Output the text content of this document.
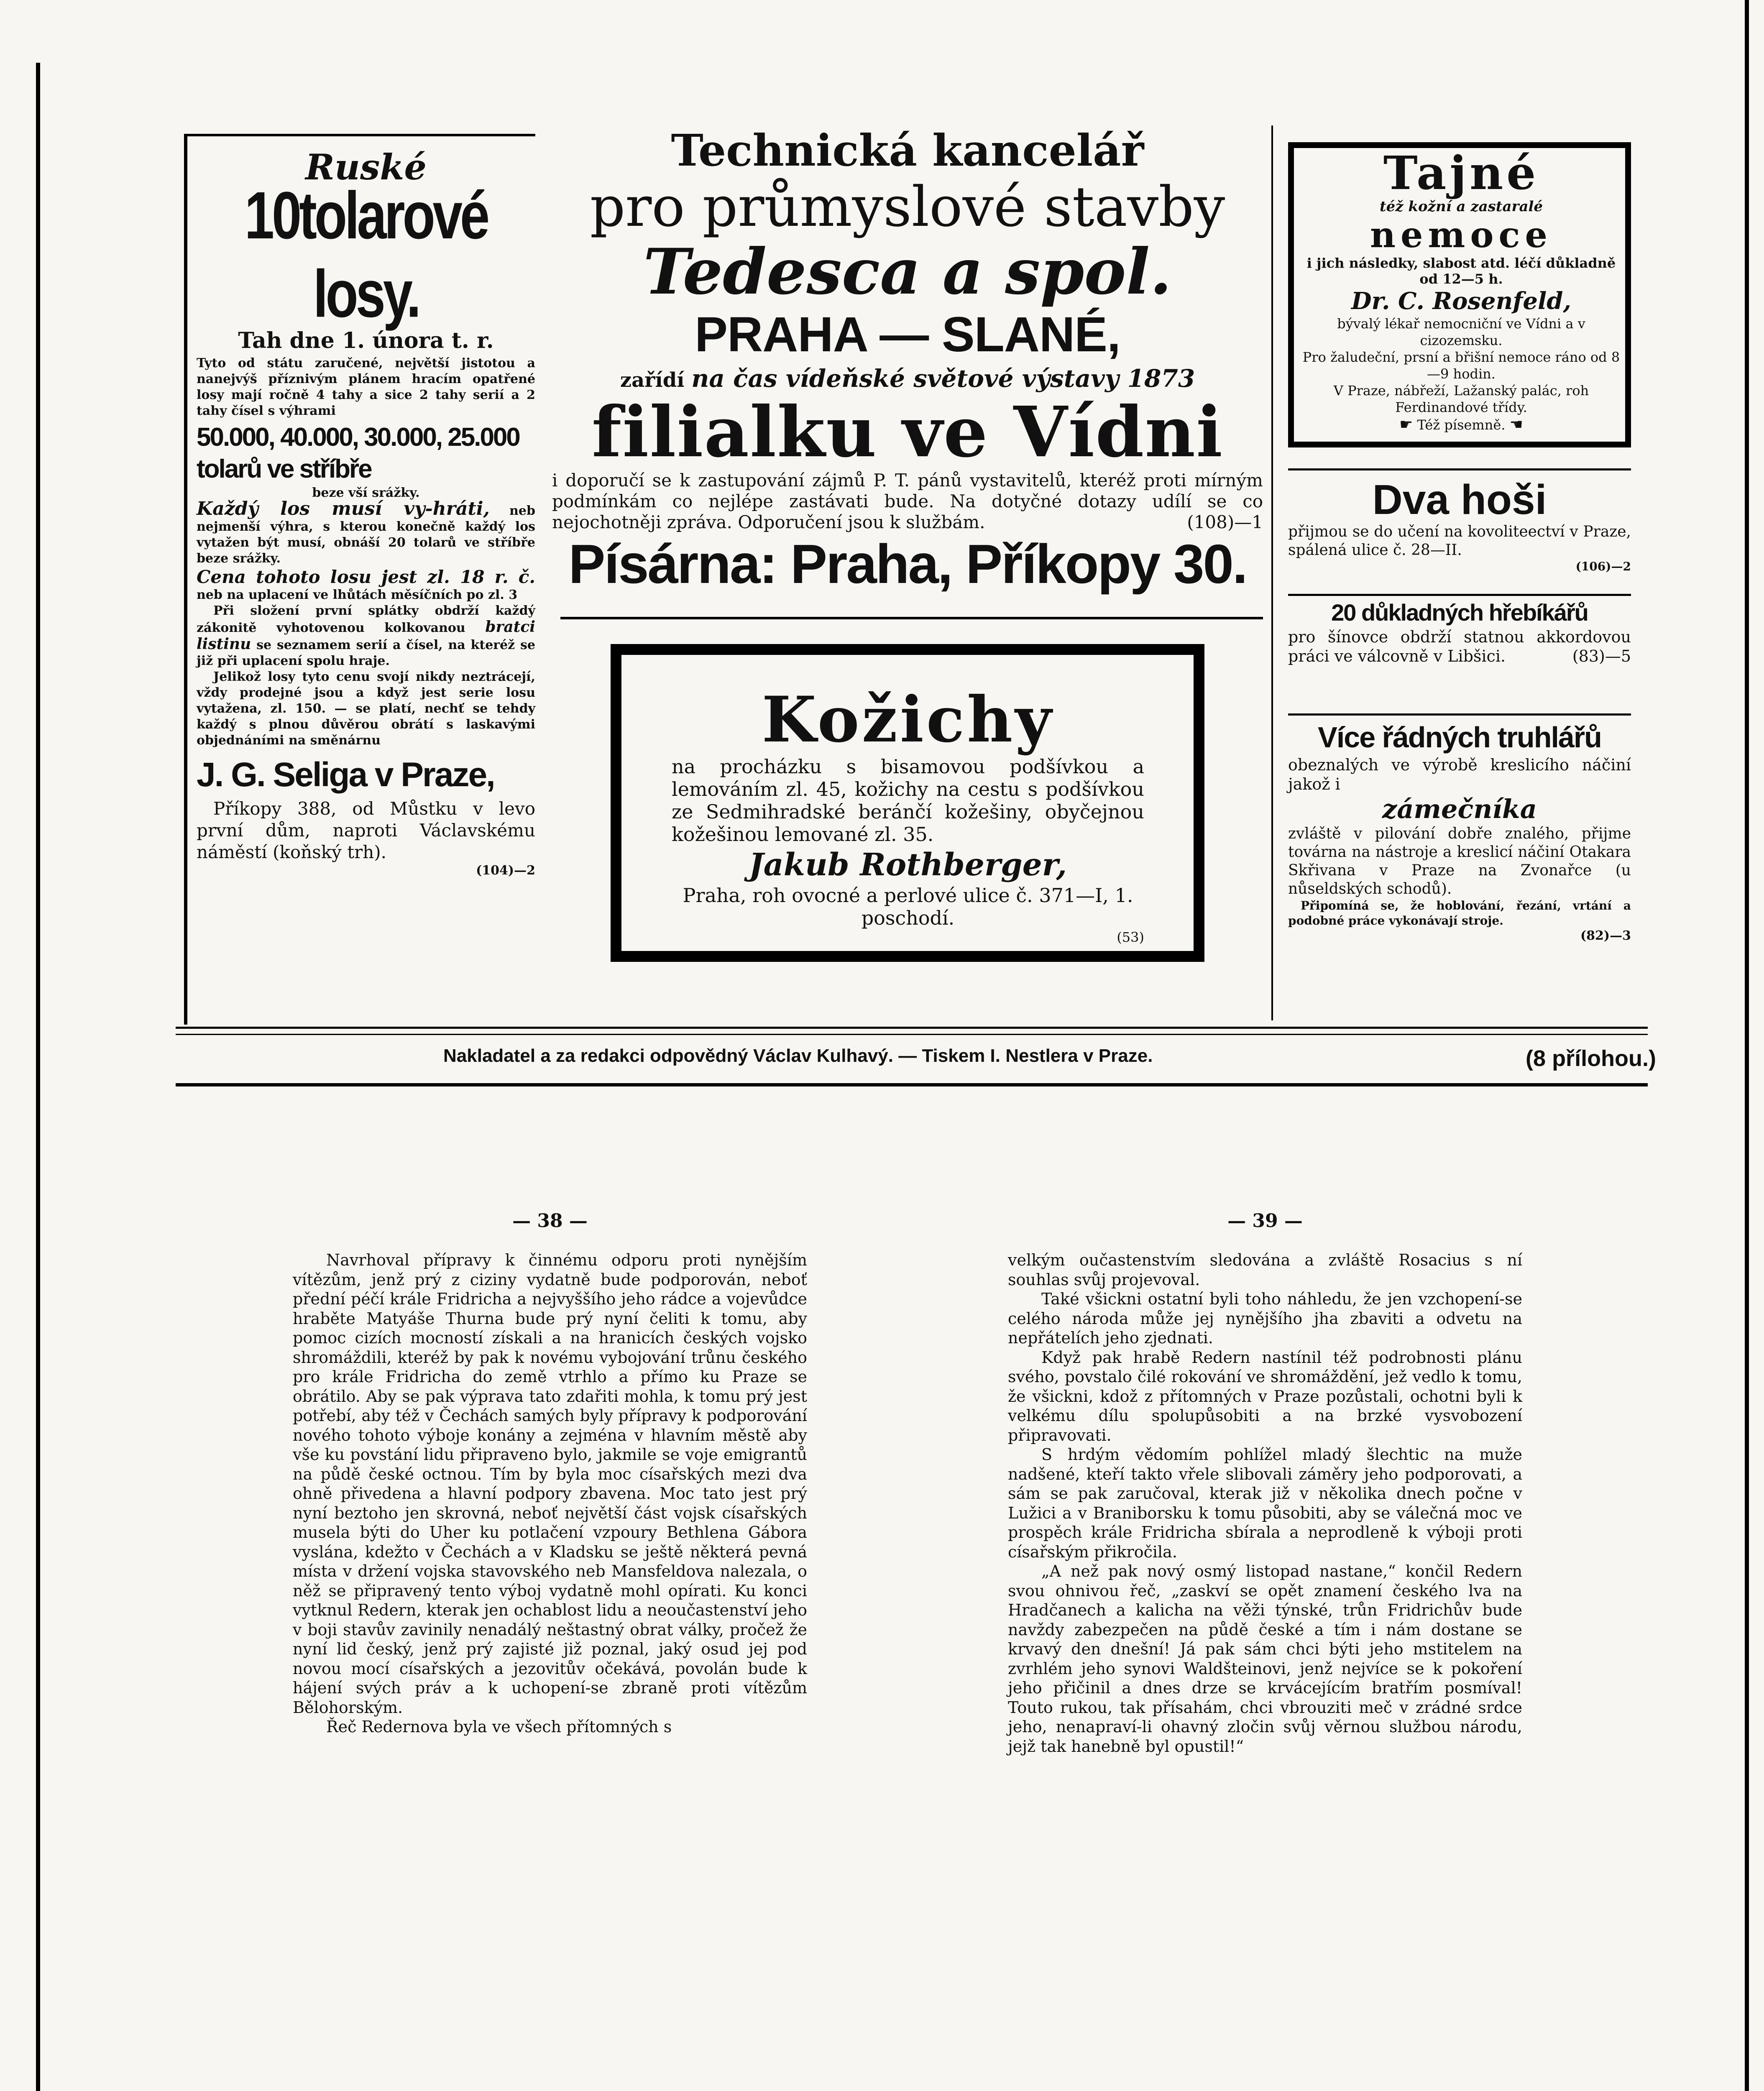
Ruské
10tolarové losy.
Tah dne 1. února t. r.
Tyto od státu zaručené, největší jistotou a nanejvýš příznivým plánem hracím opatřené losy mají ročně 4 tahy a sice 2 tahy serií a 2 tahy čísel s výhrami
50.000, 40.000, 30.000, 25.000 tolarů ve stříbře
beze vší srážky.
Každý los musí vy-hráti, neb nejmenší výhra, s kterou konečně každý los vytažen být musí, obnáší 20 tolarů ve stříbře beze srážky.
Cena tohoto losu jest zl. 18 r. č. neb na uplacení ve lhůtách měsíčních po zl. 3
Při složení první splátky obdrží každý zákonitě vyhotovenou kolkovanou bratci listinu se seznamem serií a čísel, na kteréž se již při uplacení spolu hraje.
Jelikož losy tyto cenu svojí nikdy neztrácejí, vždy prodejné jsou a když jest serie losu vytažena, zl. 150. — se platí, nechť se tehdy každý s plnou důvěrou obrátí s laskavými objednáními na směnárnu
J. G. Seliga v Praze,
Příkopy 388, od Můstku v levo první dům, naproti Václavskému náměstí (koňský trh).
(104)—2
Technická kancelář
pro průmyslové stavby
Tedesca a spol.
PRAHA — SLANÉ,
zařídí na čas vídeňské světové výstavy 1873
filialku ve Vídni
i doporučí se k zastupování zájmů P. T. pánů vystavitelů, kteréž proti mírným podmínkám co nejlépe zastávati bude. Na dotyčné dotazy udílí se co nejochotněji zpráva. Odporučení jsou k službám.	(108)—1
Písárna: Praha, Příkopy 30.
Kožichy
na procházku s bisamovou podšívkou a lemováním zl. 45, kožichy na cestu s podšívkou ze Sedmihradské beránčí kožešiny, obyčejnou kožešinou lemované zl. 35.
Jakub Rothberger,
Praha, roh ovocné a perlové ulice č. 371—I, 1. poschodí.
(53)
Tajné
též kožní a zastaralé
nemoce
i jich následky, slabost atd. léčí důkladně od 12—5 h.
Dr. C. Rosenfeld,
bývalý lékař nemocniční ve Vídni a v cizozemsku.
Pro žaludeční, prsní a břišní nemoce ráno od 8—9 hodin.
V Praze, nábřeží, Lažanský palác, roh Ferdinandové třídy.
☛ Též písemně. ☚
Dva hoši
přijmou se do učení na kovoliteectví v Praze, spálená ulice č. 28—II.
(106)—2
20 důkladných hřebíkářů
pro šínovce obdrží statnou akkordovou práci ve válcovně v Libšici.	(83)—5
Více řádných truhlářů
obeznalých ve výrobě kreslicího náčiní jakož i
zámečníka
zvláště v pilování dobře znalého, přijme továrna na nástroje a kreslicí náčiní Otakara Skřivana v Praze na Zvonařce (u nůseldských schodů).
Připomíná se, že hoblování, řezání, vrtání a podobné práce vykonávají stroje.
(82)—3
Nakladatel a za redakci odpovědný Václav Kulhavý. — Tiskem I. Nestlera v Praze.	(8 přílohou.)
— 38 —

Navrhoval přípravy k činnému odporu proti nynějším vítězům, jenž prý z ciziny vydatně bude podporován, neboť přední péčí krále Fridricha a nejvyššího jeho rádce a vojevůdce hraběte Matyáše Thurna bude prý nyní čeliti k tomu, aby pomoc cizích mocností získali a na hranicích českých vojsko shromáždili, kteréž by pak k novému vybojování trůnu českého pro krále Fridricha do země vtrhlo a přímo ku Praze se obrátilo. Aby se pak výprava tato zdařiti mohla, k tomu prý jest potřebí, aby též v Čechách samých byly přípravy k podporování nového tohoto výboje konány a zejména v hlavním městě aby vše ku povstání lidu připraveno bylo, jakmile se voje emigrantů na půdě české octnou. Tím by byla moc císařských mezi dva ohně přivedena a hlavní podpory zbavena. Moc tato jest prý nyní beztoho jen skrovná, neboť největší část vojsk císařských musela býti do Uher ku potlačení vzpoury Bethlena Gábora vyslána, kdežto v Čechách a v Kladsku se ještě některá pevná místa v držení vojska stavovského neb Mansfeldova nalezala, o něž se připravený tento výboj vydatně mohl opírati. Ku konci vytknul Redern, kterak jen ochablost lidu a neoučastenství jeho v boji stavův zavinily nenadálý neštastný obrat války, pročež že nyní lid český, jenž prý zajisté již poznal, jaký osud jej pod novou mocí císařských a jezovitův očekává, povolán bude k hájení svých práv a k uchopení-se zbraně proti vítězům Bělohorským.

Řeč Redernova byla ve všech přítomných s

— 39 —

velkým oučastenstvím sledována a zvláště Rosacius s ní souhlas svůj projevoval.

Také všickni ostatní byli toho náhledu, že jen vzchopení-se celého národa může jej nynějšího jha zbaviti a odvetu na nepřátelích jeho zjednati.

Když pak hrabě Redern nastínil též podrobnosti plánu svého, povstalo čilé rokování ve shromáždění, jež vedlo k tomu, že všickni, kdož z přítomných v Praze pozůstali, ochotni byli k velkému dílu spolupůsobiti a na brzké vysvobození připravovati.

S hrdým vědomím pohlížel mladý šlechtic na muže nadšené, kteří takto vřele slibovali záměry jeho podporovati, a sám se pak zaručoval, kterak již v několika dnech počne v Lužici a v Braniborsku k tomu působiti, aby se válečná moc ve prospěch krále Fridricha sbírala a neprodleně k výboji proti císařským přikročila.

„A než pak nový osmý listopad nastane,“ končil Redern svou ohnivou řeč, „zaskví se opět znamení českého lva na Hradčanech a kalicha na věži týnské, trůn Fridrichův bude navždy zabezpečen na půdě české a tím i nám dostane se krvavý den dnešní! Já pak sám chci býti jeho mstitelem na zvrhlém jeho synovi Waldšteinovi, jenž nejvíce se k pokoření jeho přičinil a dnes drze se krvácejícím bratřím posmíval! Touto rukou, tak přísahám, chci vbrouziti meč v zrádné srdce jeho, nenapraví-li ohavný zločin svůj věrnou službou národu, jejž tak hanebně byl opustil!“
